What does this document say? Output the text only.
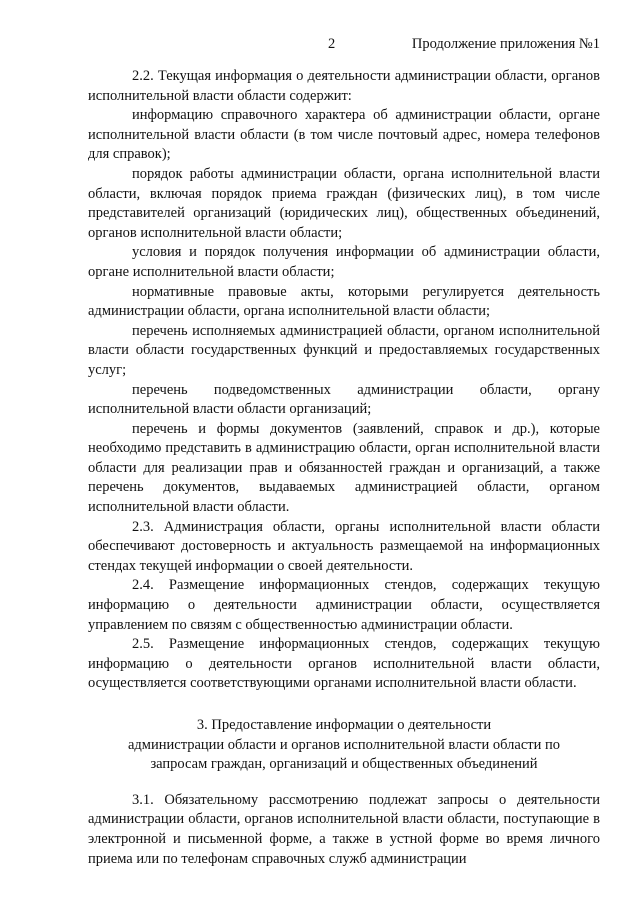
2	Продолжение приложения №1

2.2. Текущая информация о деятельности администрации области, органов исполнительной власти области содержит:

информацию справочного характера об администрации области, органе исполнительной власти области (в том числе почтовый адрес, номера телефонов для справок);

порядок работы администрации области, органа исполнительной власти области, включая порядок приема граждан (физических лиц), в том числе представителей организаций (юридических лиц), общественных объединений, органов исполнительной власти области;

условия и порядок получения информации об администрации области, органе исполнительной власти области;

нормативные правовые акты, которыми регулируется деятельность администрации области, органа исполнительной власти области;

перечень исполняемых администрацией области, органом исполнительной власти области государственных функций и предоставляемых государственных услуг;

перечень подведомственных администрации области, органу исполнительной власти области организаций;

перечень и формы документов (заявлений, справок и др.), которые необходимо представить в администрацию области, орган исполнительной власти области для реализации прав и обязанностей граждан и организаций, а также перечень документов, выдаваемых администрацией области, органом исполнительной власти области.

2.3. Администрация области, органы исполнительной власти области обеспечивают достоверность и актуальность размещаемой на информационных стендах текущей информации о своей деятельности.

2.4. Размещение информационных стендов, содержащих текущую информацию о деятельности администрации области, осуществляется управлением по связям с общественностью администрации области.

2.5. Размещение информационных стендов, содержащих текущую информацию о деятельности органов исполнительной власти области, осуществляется соответствующими органами исполнительной власти области.

3. Предоставление информации о деятельности
администрации области и органов исполнительной власти области по
запросам граждан, организаций и общественных объединений

3.1. Обязательному рассмотрению подлежат запросы о деятельности администрации области, органов исполнительной власти области, поступающие в электронной и письменной форме, а также в устной форме во время личного приема или по телефонам справочных служб администрации
